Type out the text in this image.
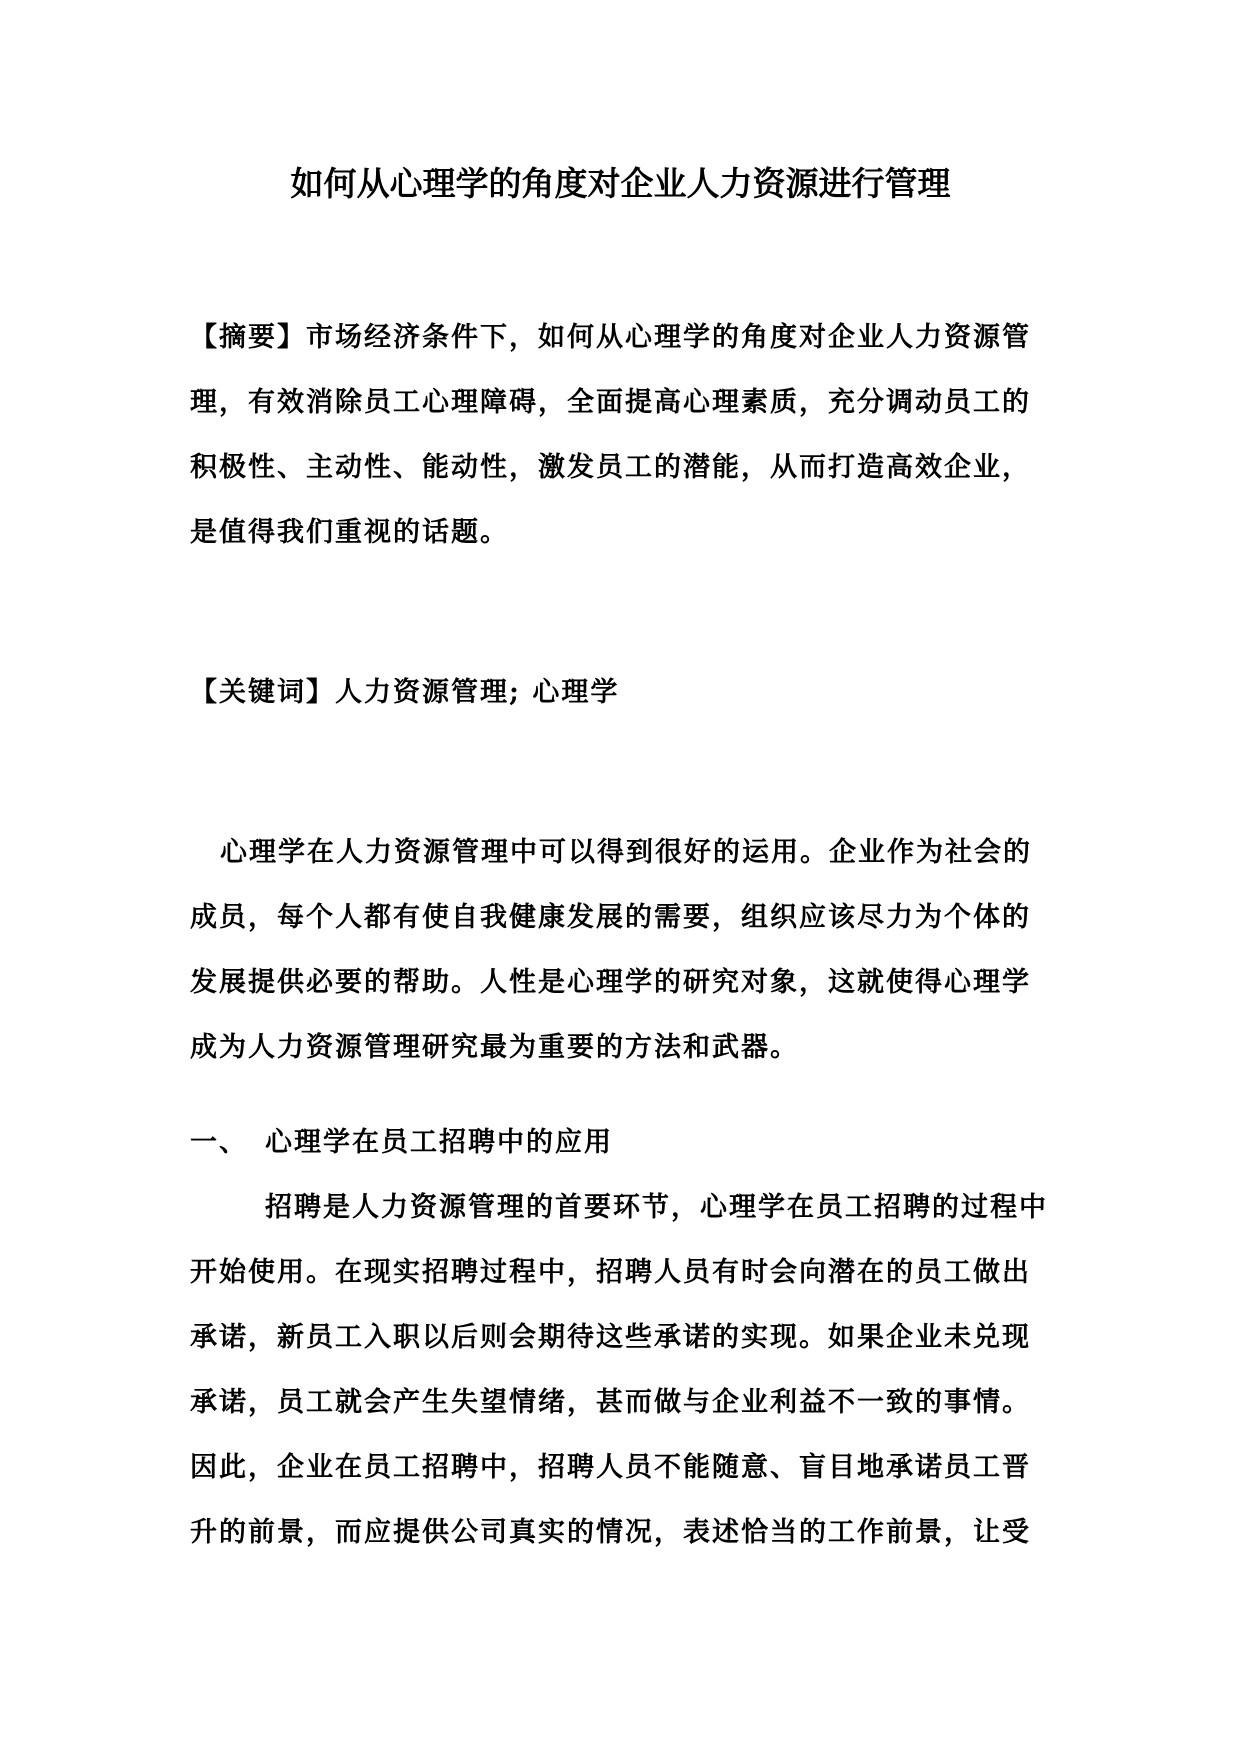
如何从心理学的角度对企业人力资源进行管理
【摘要】市场经济条件下，如何从心理学的角度对企业人力资源管
理，有效消除员工心理障碍，全面提高心理素质，充分调动员工的
积极性、主动性、能动性，激发员工的潜能，从而打造高效企业，
是值得我们重视的话题。
【关键词】人力资源管理; 心理学
心理学在人力资源管理中可以得到很好的运用。企业作为社会的
成员，每个人都有使自我健康发展的需要，组织应该尽力为个体的
发展提供必要的帮助。人性是心理学的研究对象，这就使得心理学
成为人力资源管理研究最为重要的方法和武器。
一、 心理学在员工招聘中的应用
招聘是人力资源管理的首要环节，心理学在员工招聘的过程中
开始使用。在现实招聘过程中，招聘人员有时会向潜在的员工做出
承诺，新员工入职以后则会期待这些承诺的实现。如果企业未兑现
承诺，员工就会产生失望情绪，甚而做与企业利益不一致的事情。
因此，企业在员工招聘中，招聘人员不能随意、盲目地承诺员工晋
升的前景，而应提供公司真实的情况，表述恰当的工作前景，让受
